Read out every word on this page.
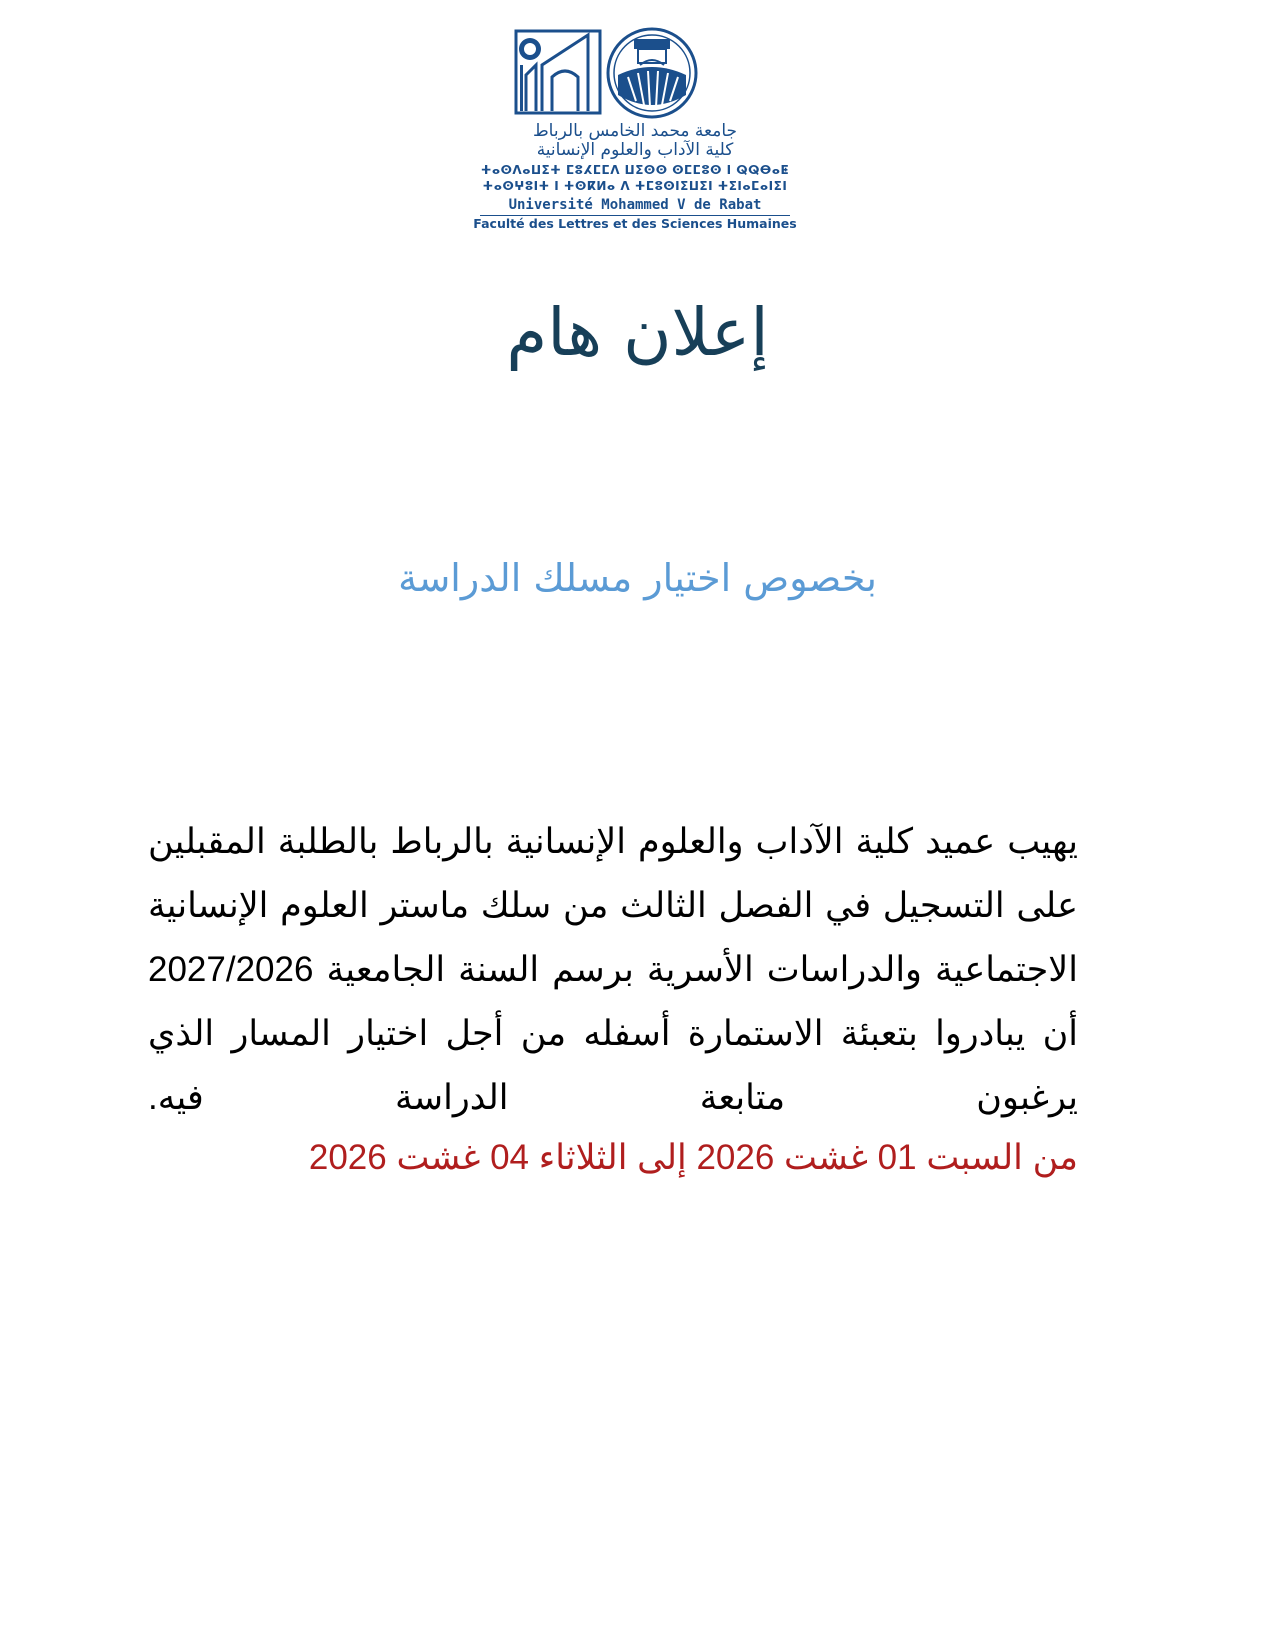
جامعة محمد الخامس بالرباط
كلية الآداب والعلوم الإنسانية
ⵜⴰⵙⴷⴰⵡⵉⵜ ⵎⵓⵃⵎⵎⴷ ⵡⵉⵙⵙ ⵙⵎⵎⵓⵙ ⵏ ⵕⵕⴱⴰⵟ
ⵜⴰⵙⵖⵓⵏⵜ ⵏ ⵜⵙⴽⵍⴰ ⴷ ⵜⵎⵓⵙⵏⵉⵡⵉⵏ ⵜⵉⵏⴰⵎⴰⵏⵉⵏ
Université Mohammed V de Rabat
Faculté des Lettres et des Sciences Humaines
إعلان هام
بخصوص اختيار مسلك الدراسة

يهيب عميد كلية الآداب والعلوم الإنسانية بالرباط بالطلبة المقبلين على التسجيل في الفصل الثالث من سلك ماستر العلوم الإنسانية الاجتماعية والدراسات الأسرية برسم السنة الجامعية 2027/2026 أن يبادروا بتعبئة الاستمارة أسفله من أجل اختيار المسار الذي يرغبون متابعة الدراسة فيه.

من السبت 01 غشت 2026 إلى الثلاثاء 04 غشت 2026
